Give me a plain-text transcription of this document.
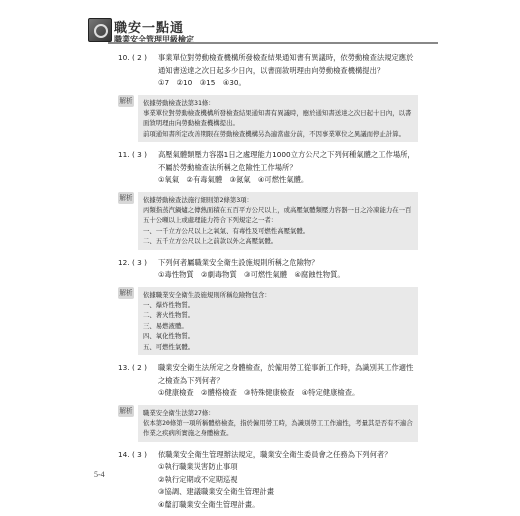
職安一點通
職業安全管理甲級檢定
10. ( 2 )	事業單位對勞動檢查機構所發檢查結果通知書有異議時，依勞動檢查法規定應於通知書送達之次日起多少日內，以書面敘明理由向勞動檢查機構提出？
①7　②10　③15　④30。
解析 依據勞動檢查法第31條：
事業單位對勞動檢查機構所發檢查結果通知書有異議時，應於通知書送達之次日起十日內，以書面敘明理由向勞動檢查機構提出。
前項通知書所定改善期限在勞動檢查機構另為適當處分前，不因事業單位之異議而停止計算。
11. ( 3 )	高壓氣體類壓力容器1日之處理能力1000立方公尺之下列何種氣體之工作場所，不屬於勞動檢查法所稱之危險性工作場所？
①氧氣　②有毒氣體　③氮氣　④可燃性氣體。
解析 依據勞動檢查法施行細則第2條第3項：
丙類指蒸汽鍋爐之傳熱面積在五百平方公尺以上，或高壓氣體類壓力容器一日之冷凍能力在一百五十公噸以上或處理能力符合下列規定之一者：
一、一千立方公尺以上之氧氣、有毒性及可燃性高壓氣體。
二、五千立方公尺以上之前款以外之高壓氣體。
12. ( 3 )	下列何者屬職業安全衛生設施規則所稱之危險物？
①毒性物質　②劇毒物質　③可燃性氣體　④腐蝕性物質。
解析 依據職業安全衛生設施規則所稱危險物包含：
一、爆炸性物質。
二、著火性物質。
三、易燃液體。
四、氧化性物質。
五、可燃性氣體。
13. ( 2 )	職業安全衛生法所定之身體檢查，於僱用勞工從事新工作時，為識別其工作適性之檢查為下列何者？
①健康檢查　②體格檢查　③特殊健康檢查　④特定健康檢查。
解析 職業安全衛生法第27條：
依本第20條第一項所稱體格檢查，指於僱用勞工時，為識別勞工工作適性，考量其是否有不適合作業之疾病所實施之身體檢查。
14. ( 3 )	依職業安全衛生管理辦法規定，職業安全衛生委員會之任務為下列何者？
①執行職業災害防止事項
②執行定期或不定期巡視
③協調、建議職業安全衛生管理計畫
④釐訂職業安全衛生管理計畫。
5-4
